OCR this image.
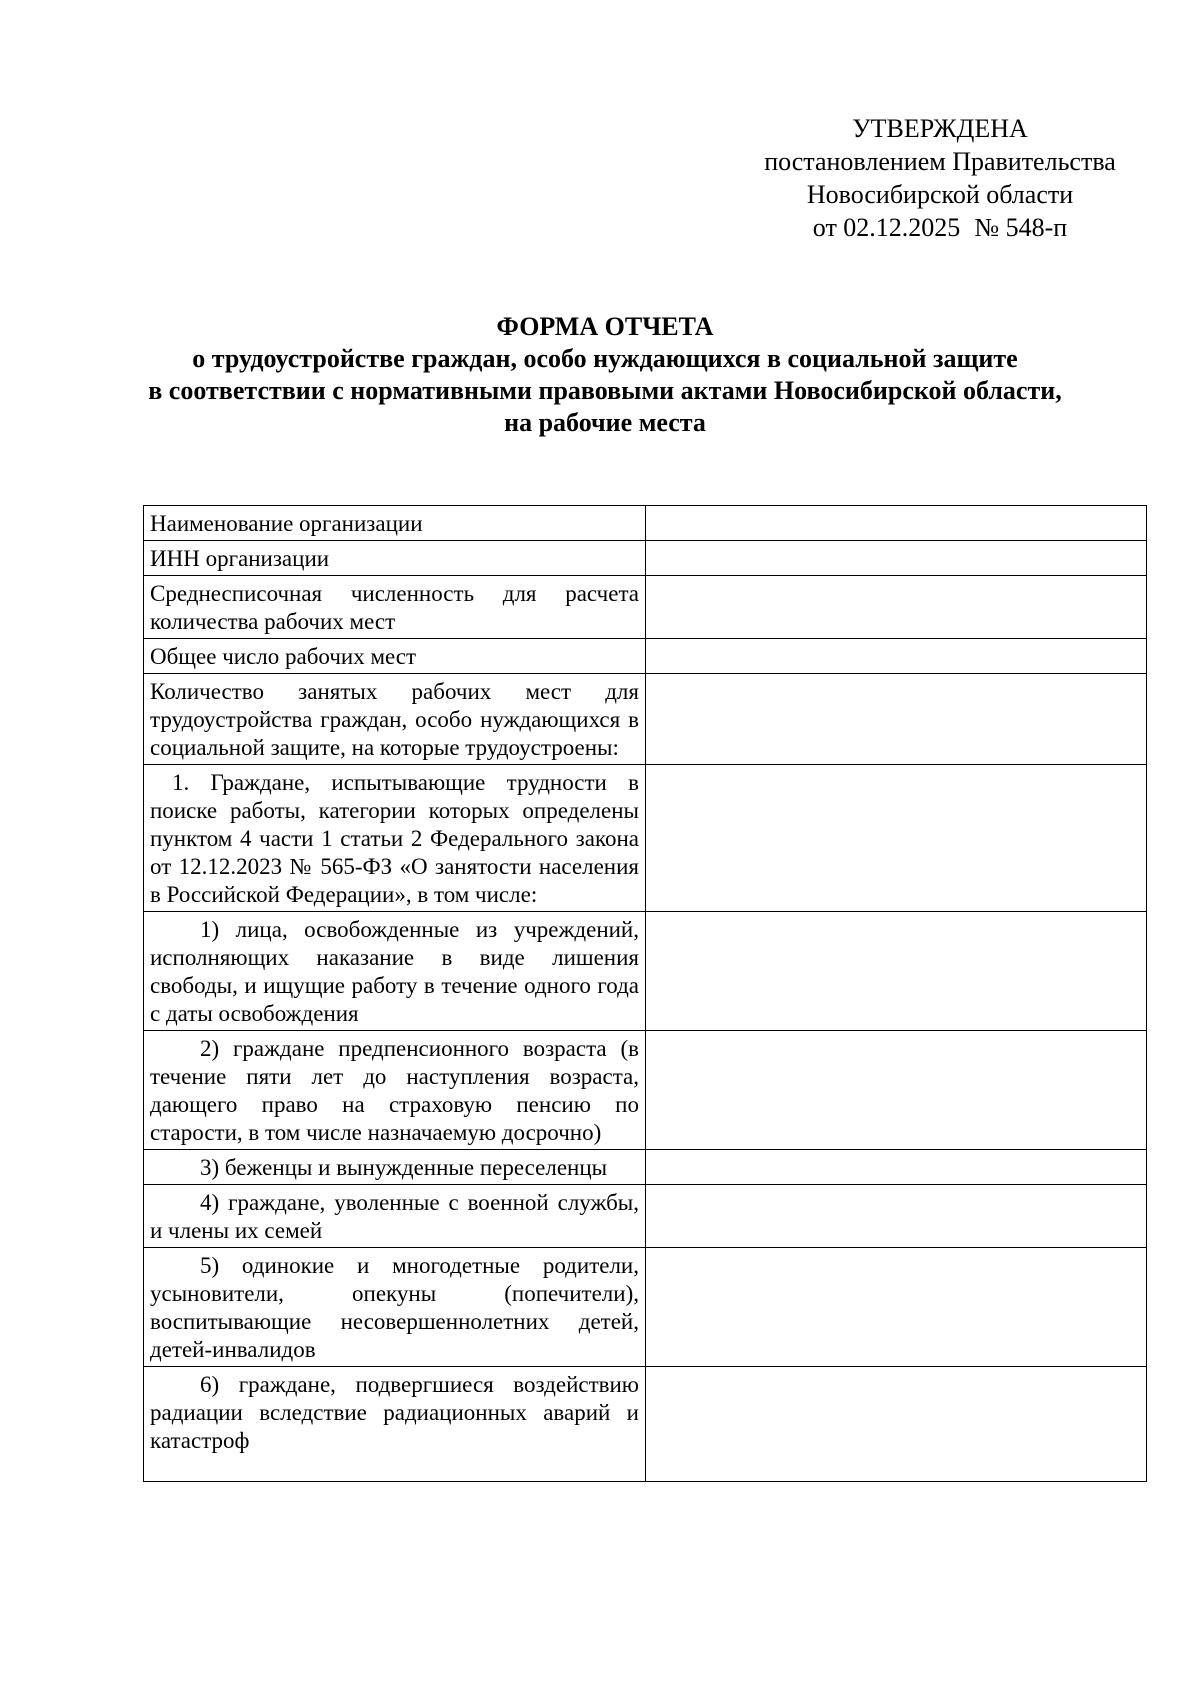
УТВЕРЖДЕНА
постановлением Правительства
Новосибирской области
от 02.12.2025 № 548-п
ФОРМА ОТЧЕТА
о трудоустройстве граждан, особо нуждающихся в социальной защите
в соответствии с нормативными правовыми актами Новосибирской области,
на рабочие места
Наименование организации	
ИНН организации	
Среднесписочная численность для расчета количества рабочих мест	
Общее число рабочих мест	
Количество занятых рабочих мест для трудоустройства граждан, особо нуждающихся в социальной защите, на которые трудоустроены:	
1. Граждане, испытывающие трудности в поиске работы, категории которых определены пунктом 4 части 1 статьи 2 Федерального закона от 12.12.2023 № 565-ФЗ «О занятости населения в Российской Федерации», в том числе:	
1) лица, освобожденные из учреждений, исполняющих наказание в виде лишения свободы, и ищущие работу в течение одного года с даты освобождения	
2) граждане предпенсионного возраста (в течение пяти лет до наступления возраста, дающего право на страховую пенсию по старости, в том числе назначаемую досрочно)	
3) беженцы и вынужденные переселенцы	
4) граждане, уволенные с военной службы, и члены их семей	
5) одинокие и многодетные родители, усыновители, опекуны (попечители), воспитывающие несовершеннолетних детей, детей-инвалидов	
6) граждане, подвергшиеся воздействию радиации вследствие радиационных аварий и катастроф	
